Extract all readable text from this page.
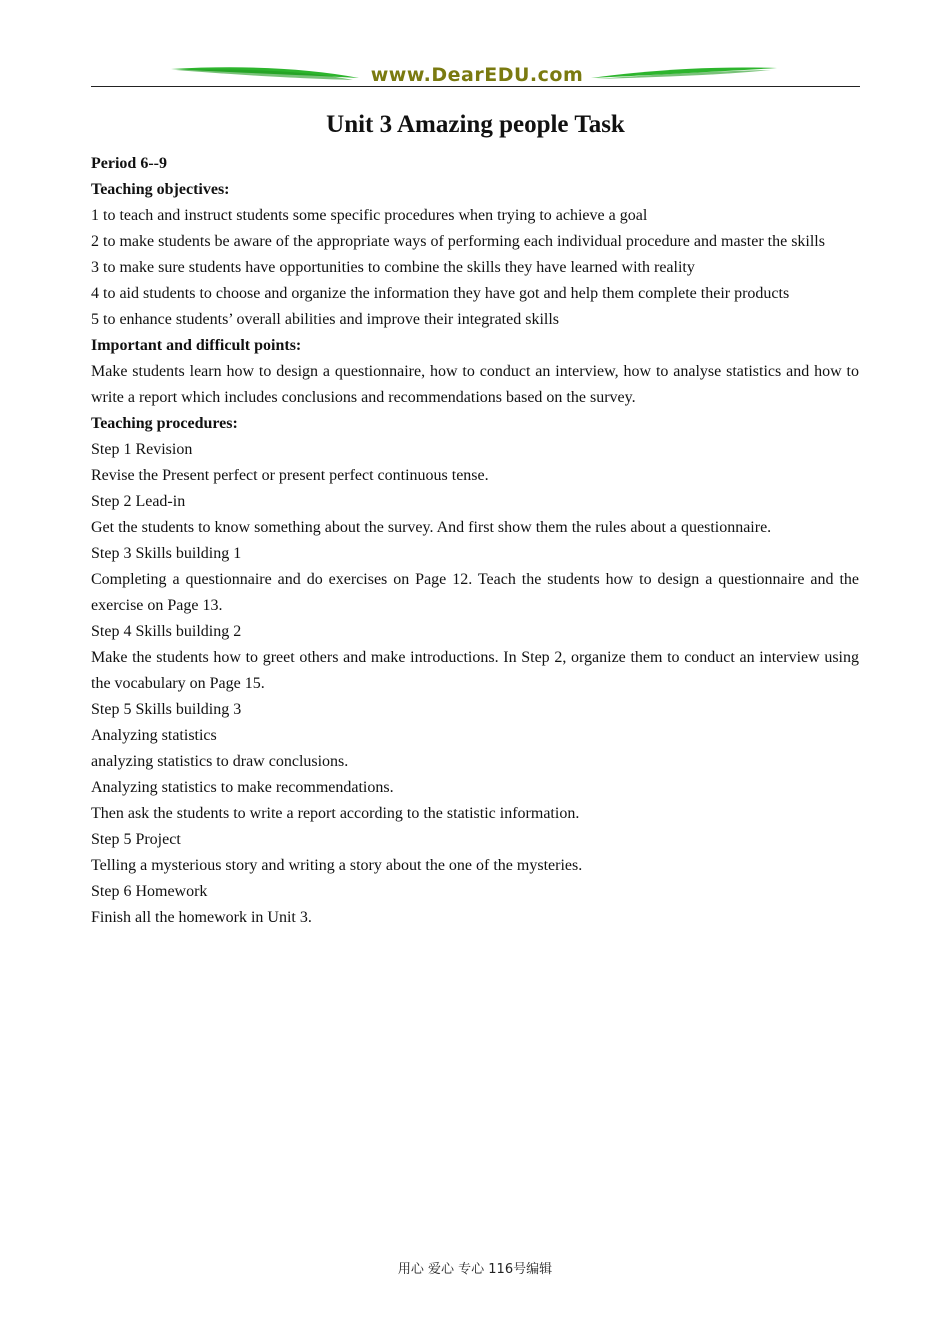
www.DearEDU.com
Unit 3 Amazing people Task

Period 6--9

Teaching objectives:

1 to teach and instruct students some specific procedures when trying to achieve a goal

2 to make students be aware of the appropriate ways of performing each individual procedure and master the skills

3 to make sure students have opportunities to combine the skills they have learned with reality

4 to aid students to choose and organize the information they have got and help them complete their products

5 to enhance students’ overall abilities and improve their integrated skills

Important and difficult points:

Make students learn how to design a questionnaire, how to conduct an interview, how to analyse statistics and how to write a report which includes conclusions and recommendations based on the survey.

Teaching procedures:

Step 1 Revision

Revise the Present perfect or present perfect continuous tense.

Step 2 Lead-in

Get the students to know something about the survey. And first show them the rules about a questionnaire.

Step 3 Skills building 1

Completing a questionnaire and do exercises on Page 12. Teach the students how to design a questionnaire and the exercise on Page 13.

Step 4 Skills building 2

Make the students how to greet others and make introductions. In Step 2, organize them to conduct an interview using the vocabulary on Page 15.

Step 5 Skills building 3

Analyzing statistics

analyzing statistics to draw conclusions.

Analyzing statistics to make recommendations.

Then ask the students to write a report according to the statistic information.

Step 5 Project

Telling a mysterious story and writing a story about the one of the mysteries.

Step 6 Homework

Finish all the homework in Unit 3.

用心 爱心 专心 116号编辑
